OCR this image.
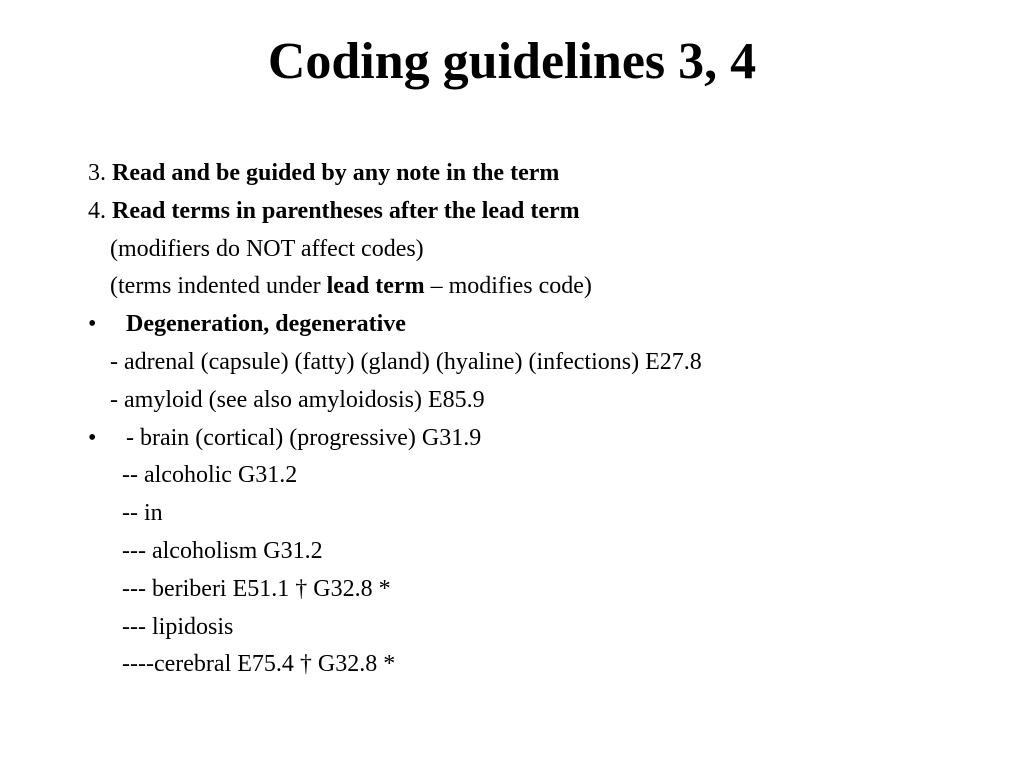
Coding guidelines 3, 4
3. Read and be guided by any note in the term
4. Read terms in parentheses after the lead term
(modifiers do NOT affect codes)
(terms indented under lead term – modifies code)
• Degeneration, degenerative
- adrenal (capsule) (fatty) (gland) (hyaline) (infections) E27.8
- amyloid (see also amyloidosis) E85.9
• - brain (cortical) (progressive) G31.9
-- alcoholic G31.2
-- in
--- alcoholism G31.2
--- beriberi E51.1 † G32.8 *
--- lipidosis
----cerebral E75.4 † G32.8 *
